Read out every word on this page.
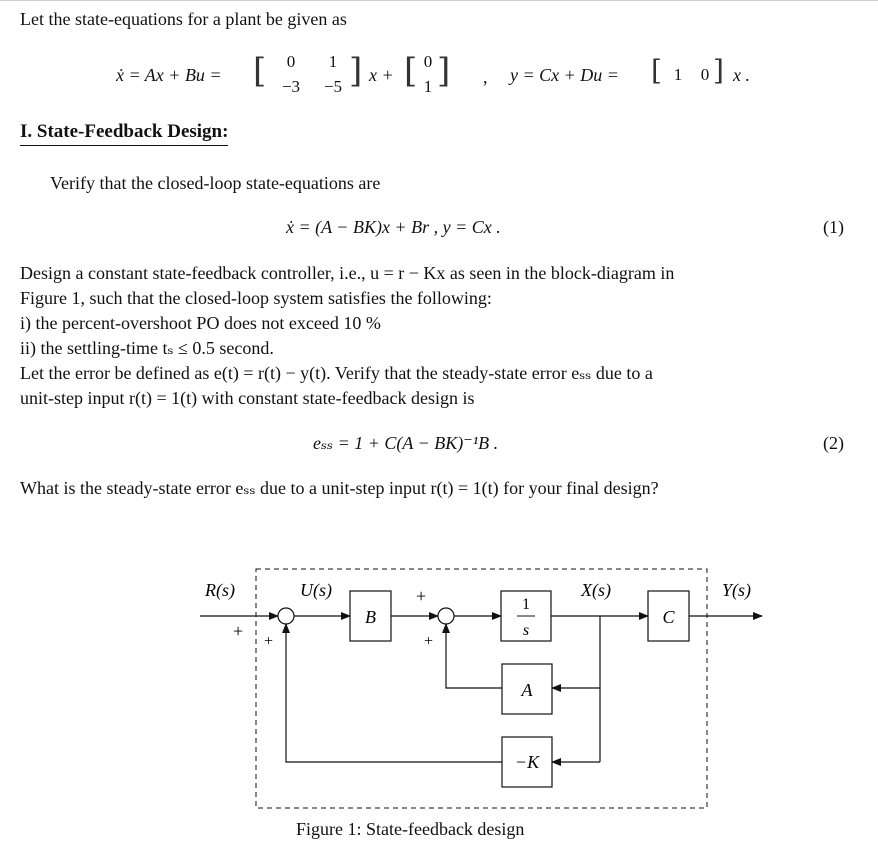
Let the state-equations for a plant be given as
ẋ = Ax + Bu = [	0	1
−3	−5 ] x + [ 0
1 ] , y = Cx + Du = [ 1 0 ] x .
I. State-Feedback Design:
Verify that the closed-loop state-equations are
ẋ = (A − BK)x + Br , y = Cx .	(1)
Design a constant state-feedback controller, i.e., u = r − Kx as seen in the block-diagram in
Figure 1, such that the closed-loop system satisfies the following:
i) the percent-overshoot PO does not exceed 10 %
ii) the settling-time tₛ ≤ 0.5 second.
Let the error be defined as e(t) = r(t) − y(t). Verify that the steady-state error eₛₛ due to a
unit-step input r(t) = 1(t) with constant state-feedback design is
eₛₛ = 1 + C(A − BK)⁻¹B .	(2)
What is the steady-state error eₛₛ due to a unit-step input r(t) = 1(t) for your final design?
R(s)	U(s)	X(s)	Y(s)
B
1
s
A
−K
C
+
+
+
+
Figure 1: State-feedback design
